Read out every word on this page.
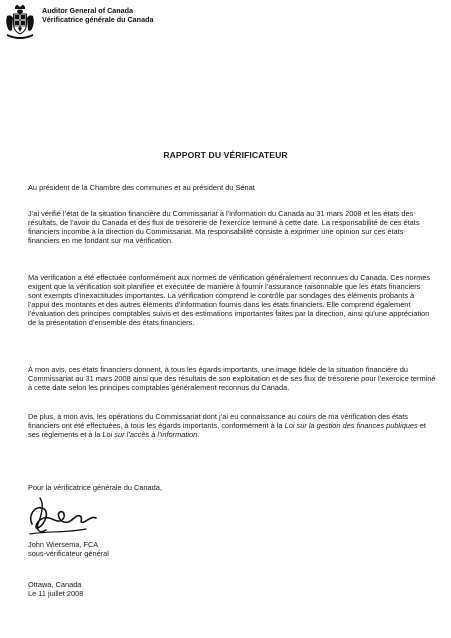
Auditor General of Canada
Vérificatrice générale du Canada
RAPPORT DU VÉRIFICATEUR
Au président de la Chambre des communes et au président du Sénat
J’ai vérifié l’état de la situation financière du Commissariat à l’information du Canada au 31 mars 2008 et les états des résultats, de l’avoir du Canada et des flux de trésorerie de l’exercice terminé à cette date. La responsabilité de ces états financiers incombe à la direction du Commissariat. Ma responsabilité consiste à exprimer une opinion sur ces états financiers en me fondant sur ma vérification.
Ma vérification a été effectuée conformément aux normes de vérification généralement reconnues du Canada. Ces normes exigent que la vérification soit planifiée et exécutée de manière à fournir l’assurance raisonnable que les états financiers sont exempts d’inexactitudes importantes. La vérification comprend le contrôle par sondages des éléments probants à l’appui des montants et des autres éléments d’information fournis dans les états financiers. Elle comprend également l’évaluation des principes comptables suivis et des estimations importantes faites par la direction, ainsi qu’une appréciation de la présentation d’ensemble des états financiers.
À mon avis, ces états financiers donnent, à tous les égards importants, une image fidèle de la situation financière du Commissariat au 31 mars 2008 ainsi que des résultats de son exploitation et de ses flux de trésorerie pour l’exercice terminé à cette date selon les principes comptables généralement reconnus du Canada.
De plus, à mon avis, les opérations du Commissariat dont j’ai eu connaissance au cours de ma vérification des états financiers ont été effectuées, à tous les égards importants, conformément à la Loi sur la gestion des finances publiques et ses règlements et à la Loi sur l’accès à l’information.
Pour la vérificatrice générale du Canada,
John Wiersema, FCA
sous-vérificateur général
Ottawa, Canada
Le 11 juillet 2008
